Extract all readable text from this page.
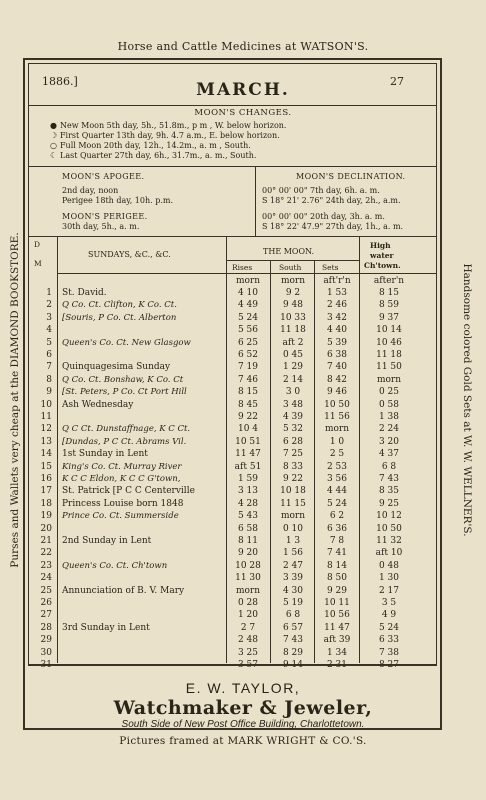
Horse and Cattle Medicines at WATSON'S.
Purses and Wallets very cheap at the DIAMOND BOOKSTORE.	Handsome colored Gold Sets at W. W. WELLNER'S.
1886.]	27
MARCH.
MOON'S CHANGES.
● New Moon 5th day, 5h., 51.8m., p m , W. below horizon.
☽ First Quarter 13th day, 9h. 4.7 a.m., E. below horizon.
○ Full Moon 20th day, 12h., 14.2m., a. m , South.
☾ Last Quarter 27th day, 6h., 31.7m., a. m., South.
MOON'S APOGEE.
2nd day, noon
Perigee 18th day, 10h. p.m.
MOON'S PERIGEE.
30th day, 5h., a. m.
MOON'S DECLINATION.
00° 00' 00" 7th day, 6h. a. m.
S 18° 21' 2.76" 24th day, 2h., a.m.
00° 00' 00" 20th day, 3h. a. m.
S 18° 22' 47.9" 27th day, 1h., a. m.
D
M
SUNDAYS, &C., &C.	THE MOON.
Rises	South	Sets
High
water
Ch'town.
morn	morn	aft'r'n	after'n
1 St. David.	4 10	9 2	1 53	8 15
2 Q Co. Ct. Clifton, K Co. Ct.	4 49	9 48	2 46	8 59
3 [Souris, P Co. Ct. Alberton	5 24	10 33	3 42	9 37
4	5 56	11 18	4 40	10 14
5 Queen's Co. Ct. New Glasgow	6 25	aft 2	5 39	10 46
6	6 52	0 45	6 38	11 18
7 Quinquagesima Sunday	7 19	1 29	7 40	11 50
8 Q Co. Ct. Bonshaw, K Co. Ct	7 46	2 14	8 42	morn
9 [St. Peters, P Co. Ct Port Hill	8 15	3 0	9 46	0 25
10 Ash Wednesday	8 45	3 48	10 50	0 58
11	9 22	4 39	11 56	1 38
12 Q C Ct. Dunstaffnage, K C Ct.	10 4	5 32	morn	2 24
13 [Dundas, P C Ct. Abrams Vil.	10 51	6 28	1 0	3 20
14 1st Sunday in Lent	11 47	7 25	2 5	4 37
15 King's Co. Ct. Murray River	aft 51	8 33	2 53	6 8
16 K C C Eldon, K C C G'town,	1 59	9 22	3 56	7 43
17 St. Patrick [P C C Centerville	3 13	10 18	4 44	8 35
18 Princess Louise born 1848	4 28	11 15	5 24	9 25
19 Prince Co. Ct. Summerside	5 43	morn	6 2	10 12
20	6 58	0 10	6 36	10 50
21 2nd Sunday in Lent	8 11	1 3	7 8	11 32
22	9 20	1 56	7 41	aft 10
23 Queen's Co. Ct. Ch'town	10 28	2 47	8 14	0 48
24	11 30	3 39	8 50	1 30
25 Annunciation of B. V. Mary	morn	4 30	9 29	2 17
26	0 28	5 19	10 11	3 5
27	1 20	6 8	10 56	4 9
28 3rd Sunday in Lent	2 7	6 57	11 47	5 24
29	2 48	7 43	aft 39	6 33
30	3 25	8 29	1 34	7 38
31	3 57	9 14	2 31	8 27
E. W. TAYLOR,
Watchmaker & Jeweler,
South Side of New Post Office Building, Charlottetown.
Pictures framed at MARK WRIGHT & CO.'S.
